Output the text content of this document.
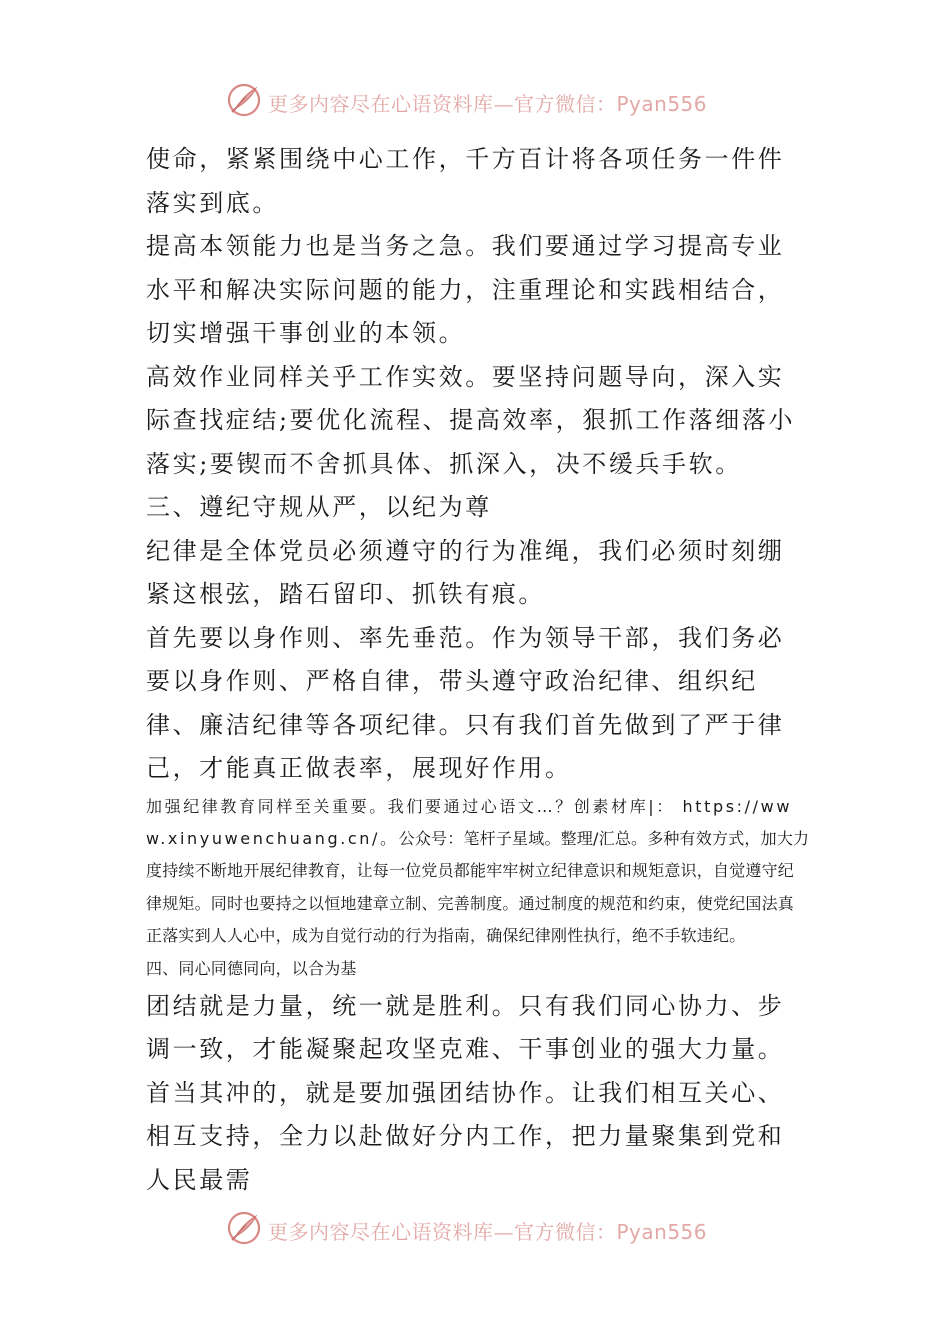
更多内容尽在心语资料库—官方微信：Pyan556

使命，紧紧围绕中心工作，千方百计将各项任务一件件落实到底。

提高本领能力也是当务之急。我们要通过学习提高专业水平和解决实际问题的能力，注重理论和实践相结合，切实增强干事创业的本领。

高效作业同样关乎工作实效。要坚持问题导向，深入实际查找症结;要优化流程、提高效率，狠抓工作落细落小落实;要锲而不舍抓具体、抓深入，决不缓兵手软。

三、遵纪守规从严，以纪为尊

纪律是全体党员必须遵守的行为准绳，我们必须时刻绷紧这根弦，踏石留印、抓铁有痕。

首先要以身作则、率先垂范。作为领导干部，我们务必要以身作则、严格自律，带头遵守政治纪律、组织纪律、廉洁纪律等各项纪律。只有我们首先做到了严于律己，才能真正做表率，展现好作用。

加强纪律教育同样至关重要。我们要通过心语文…？创素材库|： https://www.xinyuwenchuang.cn/。公众号：笔杆子星域。整理/汇总。多种有效方式，加大力度持续不断地开展纪律教育，让每一位党员都能牢牢树立纪律意识和规矩意识，自觉遵守纪律规矩。同时也要持之以恒地建章立制、完善制度。通过制度的规范和约束，使党纪国法真正落实到人人心中，成为自觉行动的行为指南，确保纪律刚性执行，绝不手软违纪。

四、同心同德同向，以合为基

团结就是力量，统一就是胜利。只有我们同心协力、步调一致，才能凝聚起攻坚克难、干事创业的强大力量。

首当其冲的，就是要加强团结协作。让我们相互关心、相互支持，全力以赴做好分内工作，把力量聚集到党和人民最需

更多内容尽在心语资料库—官方微信：Pyan556
